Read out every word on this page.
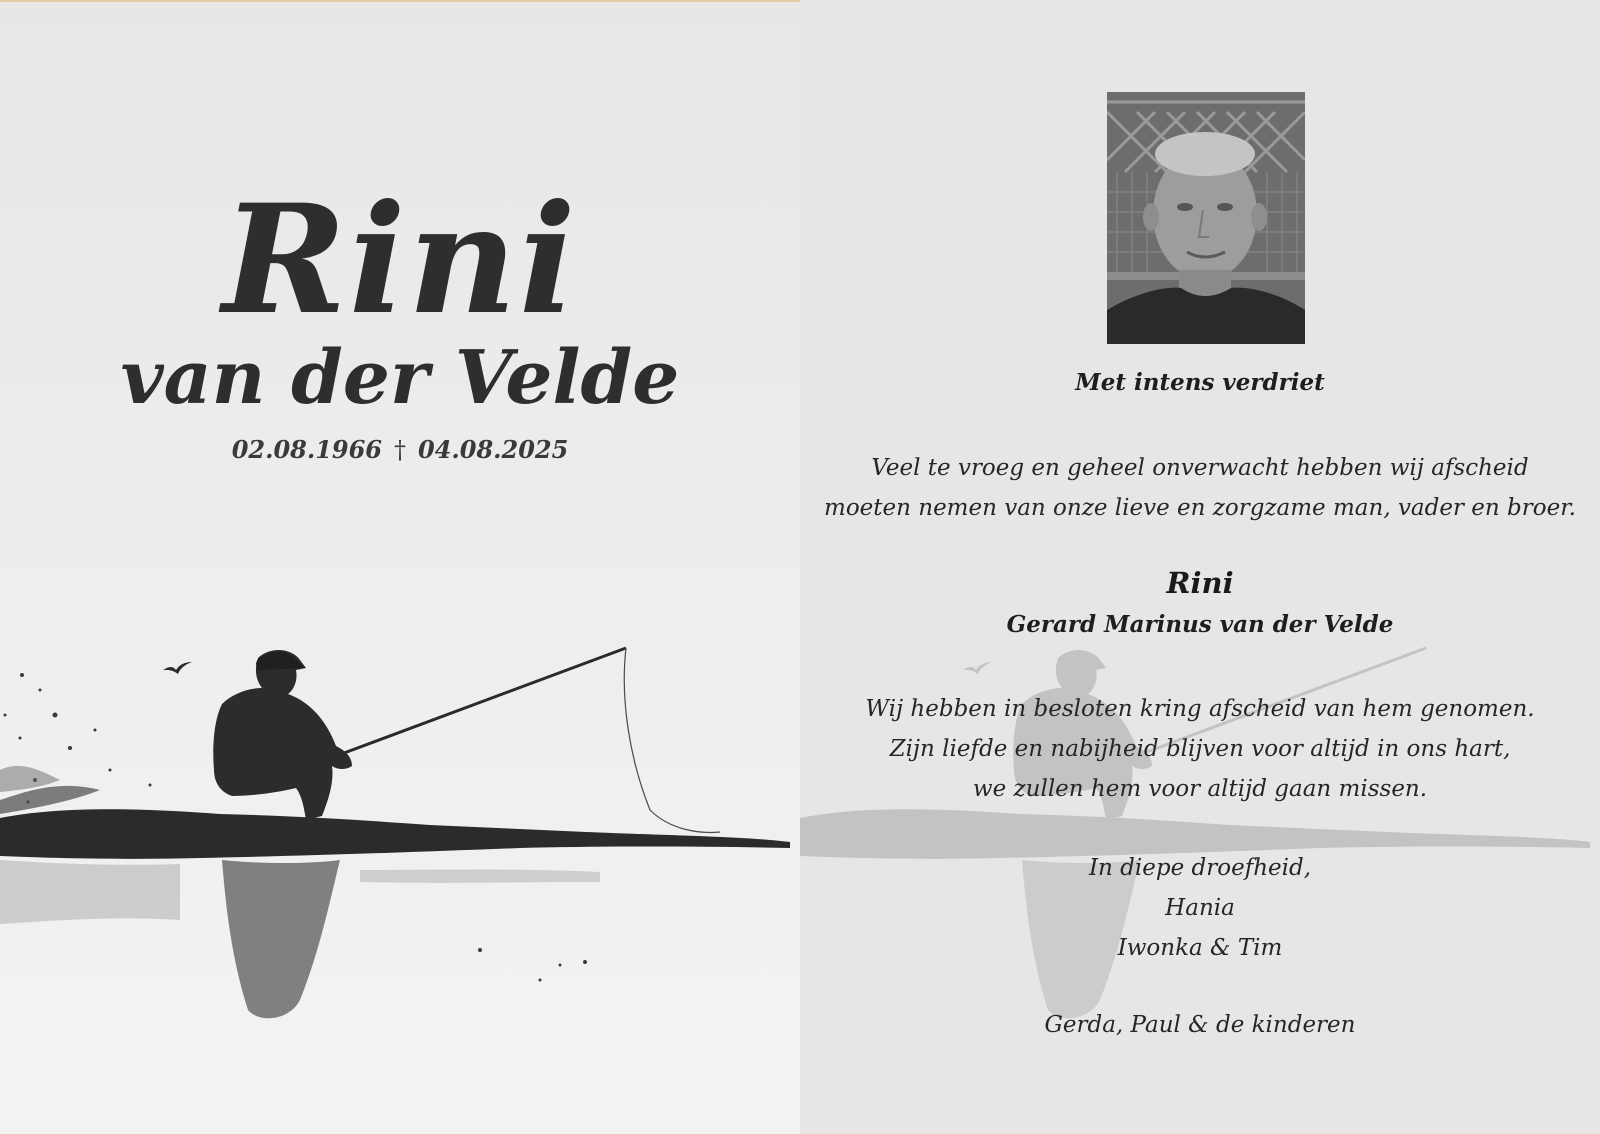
Rini
van der Velde
02.08.1966 † 04.08.2025
Met intens verdriet
Veel te vroeg en geheel onverwacht hebben wij afscheid
moeten nemen van onze lieve en zorgzame man, vader en broer.
Rini
Gerard Marinus van der Velde
Wij hebben in besloten kring afscheid van hem genomen.
Zijn liefde en nabijheid blijven voor altijd in ons hart,
we zullen hem voor altijd gaan missen.
In diepe droefheid,
Hania
Iwonka & Tim
Gerda, Paul & de kinderen
